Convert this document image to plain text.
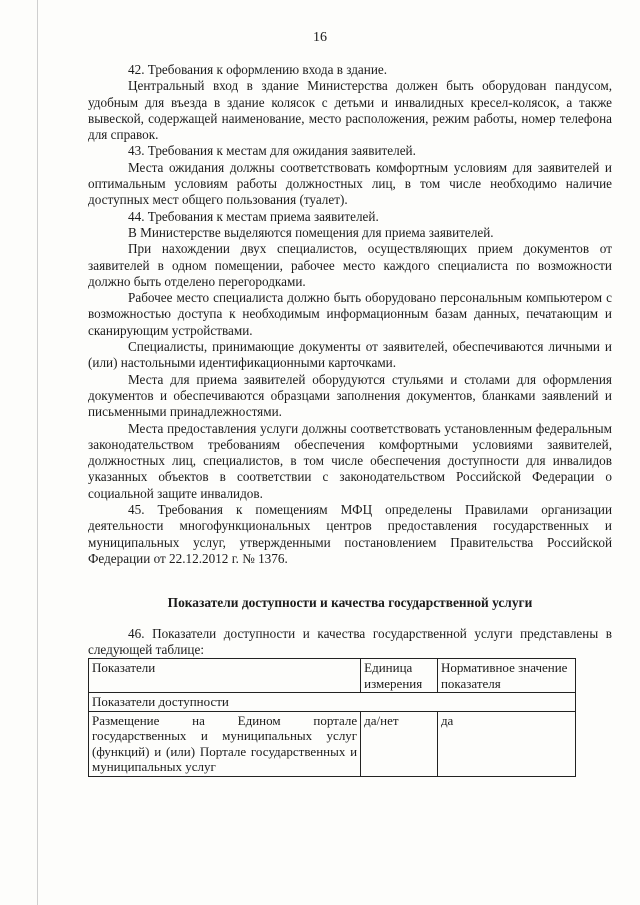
16

42. Требования к оформлению входа в здание.

Центральный вход в здание Министерства должен быть оборудован пандусом, удобным для въезда в здание колясок с детьми и инвалидных кресел-колясок, а также вывеской, содержащей наименование, место расположения, режим работы, номер телефона для справок.

43. Требования к местам для ожидания заявителей.

Места ожидания должны соответствовать комфортным условиям для заявителей и оптимальным условиям работы должностных лиц, в том числе необходимо наличие доступных мест общего пользования (туалет).

44. Требования к местам приема заявителей.

В Министерстве выделяются помещения для приема заявителей.

При нахождении двух специалистов, осуществляющих прием документов от заявителей в одном помещении, рабочее место каждого специалиста по возможности должно быть отделено перегородками.

Рабочее место специалиста должно быть оборудовано персональным компьютером с возможностью доступа к необходимым информационным базам данных, печатающим и сканирующим устройствами.

Специалисты, принимающие документы от заявителей, обеспечиваются личными и (или) настольными идентификационными карточками.

Места для приема заявителей оборудуются стульями и столами для оформления документов и обеспечиваются образцами заполнения документов, бланками заявлений и письменными принадлежностями.

Места предоставления услуги должны соответствовать установленным федеральным законодательством требованиям обеспечения комфортными условиями заявителей, должностных лиц, специалистов, в том числе обеспечения доступности для инвалидов указанных объектов в соответствии с законодательством Российской Федерации о социальной защите инвалидов.

45. Требования к помещениям МФЦ определены Правилами организации деятельности многофункциональных центров предоставления государственных и муниципальных услуг, утвержденными постановлением Правительства Российской Федерации от 22.12.2012 г. № 1376.

Показатели доступности и качества государственной услуги

46. Показатели доступности и качества государственной услуги представлены в следующей таблице:

Показатели	Единица измерения	Нормативное значение показателя
Показатели доступности		
Размещение на Едином портале государственных и муниципальных услуг (функций) и (или) Портале государственных и муниципальных услуг	да/нет	да
